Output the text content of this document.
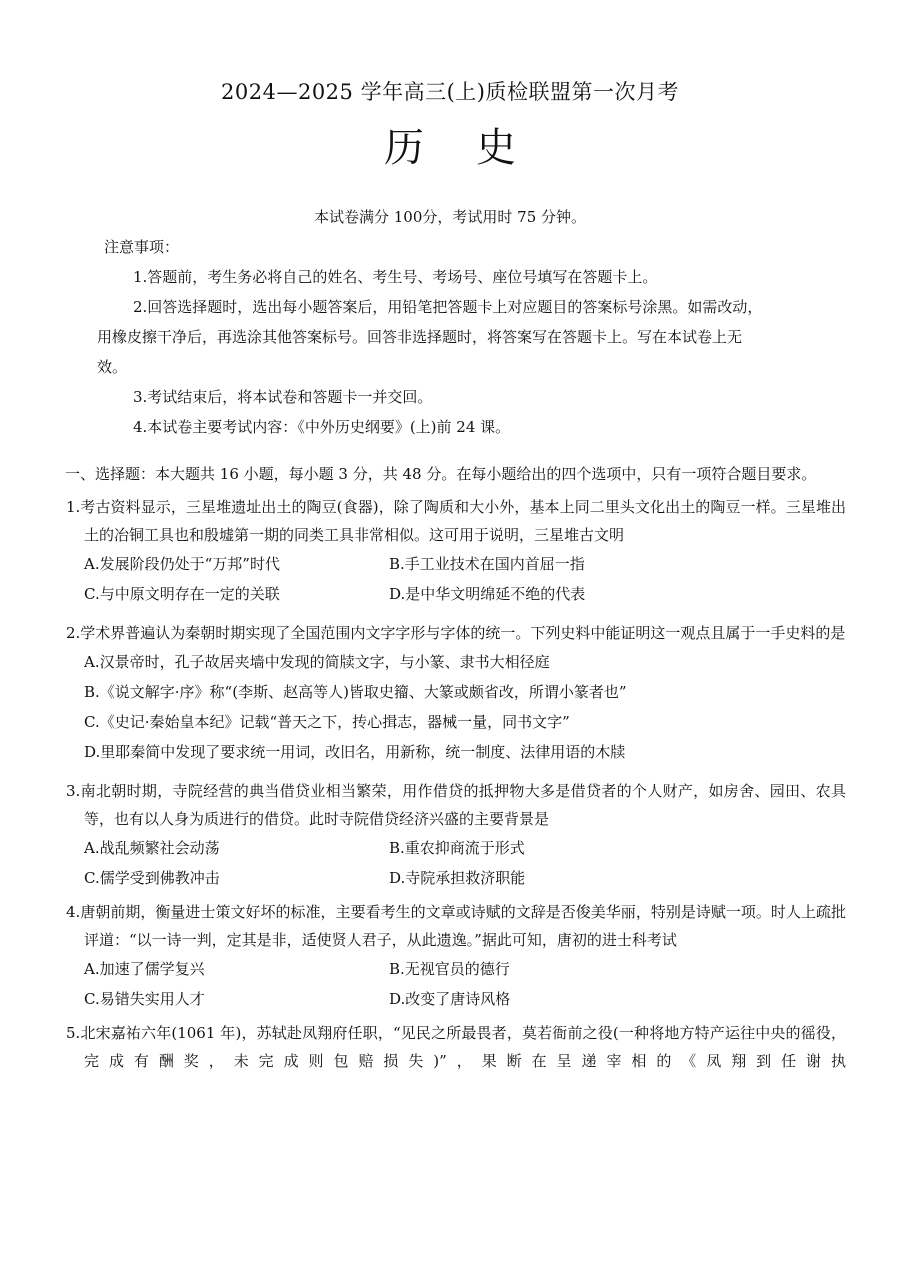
2024—2025 学年高三(上)质检联盟第一次月考
历史
本试卷满分 100分，考试用时 75 分钟。
注意事项：
1.答题前，考生务必将自己的姓名、考生号、考场号、座位号填写在答题卡上。
2.回答选择题时，选出每小题答案后，用铅笔把答题卡上对应题目的答案标号涂黑。如需改动，
用橡皮擦干净后，再选涂其他答案标号。回答非选择题时，将答案写在答题卡上。写在本试卷上无
效。
3.考试结束后，将本试卷和答题卡一并交回。
4.本试卷主要考试内容：《中外历史纲要》(上)前 24 课。
一、选择题：本大题共 16 小题，每小题 3 分，共 48 分。在每小题给出的四个选项中，只有一项符合题目要求。
1.考古资料显示，三星堆遗址出土的陶豆(食器)，除了陶质和大小外，基本上同二里头文化出土的陶豆一样。三星堆出土的冶铜工具也和殷墟第一期的同类工具非常相似。这可用于说明，三星堆古文明
A.发展阶段仍处于“万邦”时代	B.手工业技术在国内首屈一指
C.与中原文明存在一定的关联	D.是中华文明绵延不绝的代表
2.学术界普遍认为秦朝时期实现了全国范围内文字字形与字体的统一。下列史料中能证明这一观点且属于一手史料的是
A.汉景帝时，孔子故居夹墙中发现的简牍文字，与小篆、隶书大相径庭
B.《说文解字·序》称“(李斯、赵高等人)皆取史籀、大篆或颇省改，所谓小篆者也”
C.《史记·秦始皇本纪》记载“普天之下，抟心揖志，器械一量，同书文字”
D.里耶秦简中发现了要求统一用词，改旧名，用新称，统一制度、法律用语的木牍
3.南北朝时期，寺院经营的典当借贷业相当繁荣，用作借贷的抵押物大多是借贷者的个人财产，如房舍、园田、农具等，也有以人身为质进行的借贷。此时寺院借贷经济兴盛的主要背景是
A.战乱频繁社会动荡	B.重农抑商流于形式
C.儒学受到佛教冲击	D.寺院承担救济职能
4.唐朝前期，衡量进士策文好坏的标准，主要看考生的文章或诗赋的文辞是否俊美华丽，特别是诗赋一项。时人上疏批评道：“以一诗一判，定其是非，适使贤人君子，从此遗逸。”据此可知，唐初的进士科考试
A.加速了儒学复兴	B.无视官员的德行
C.易错失实用人才	D.改变了唐诗风格
5.北宋嘉祐六年(1061 年)，苏轼赴凤翔府任职，“见民之所最畏者，莫若衙前之役(一种将地方特产运往中央的徭役，完成有酬奖，未完成则包赔损失)”，果断在呈递宰相的《凤翔到任谢执
